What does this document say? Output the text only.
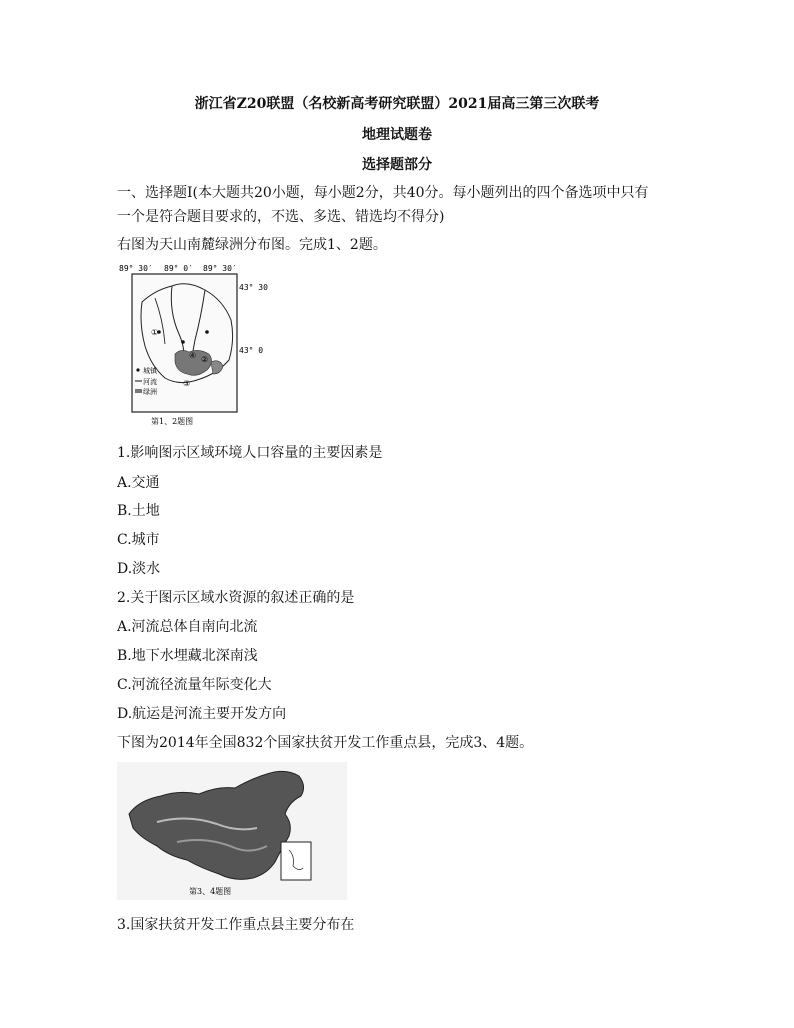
浙江省Z20联盟（名校新高考研究联盟）2021届高三第三次联考
地理试题卷
选择题部分
一、选择题Ⅰ(本大题共20小题，每小题2分，共40分。每小题列出的四个备选项中只有
一个是符合题目要求的，不选、多选、错选均不得分)
右图为天山南麓绿洲分布图。完成1、2题。
89° 30′ 89° 0′ 89° 30′
43° 30
43° 0
①
②
③
④
城镇
河流
绿洲
第1、2题图
1.影响图示区域环境人口容量的主要因素是
A.交通
B.土地
C.城市
D.淡水
2.关于图示区域水资源的叙述正确的是
A.河流总体自南向北流
B.地下水埋藏北深南浅
C.河流径流量年际变化大
D.航运是河流主要开发方向
下图为2014年全国832个国家扶贫开发工作重点县，完成3、4题。
第3、4题图
3.国家扶贫开发工作重点县主要分布在
